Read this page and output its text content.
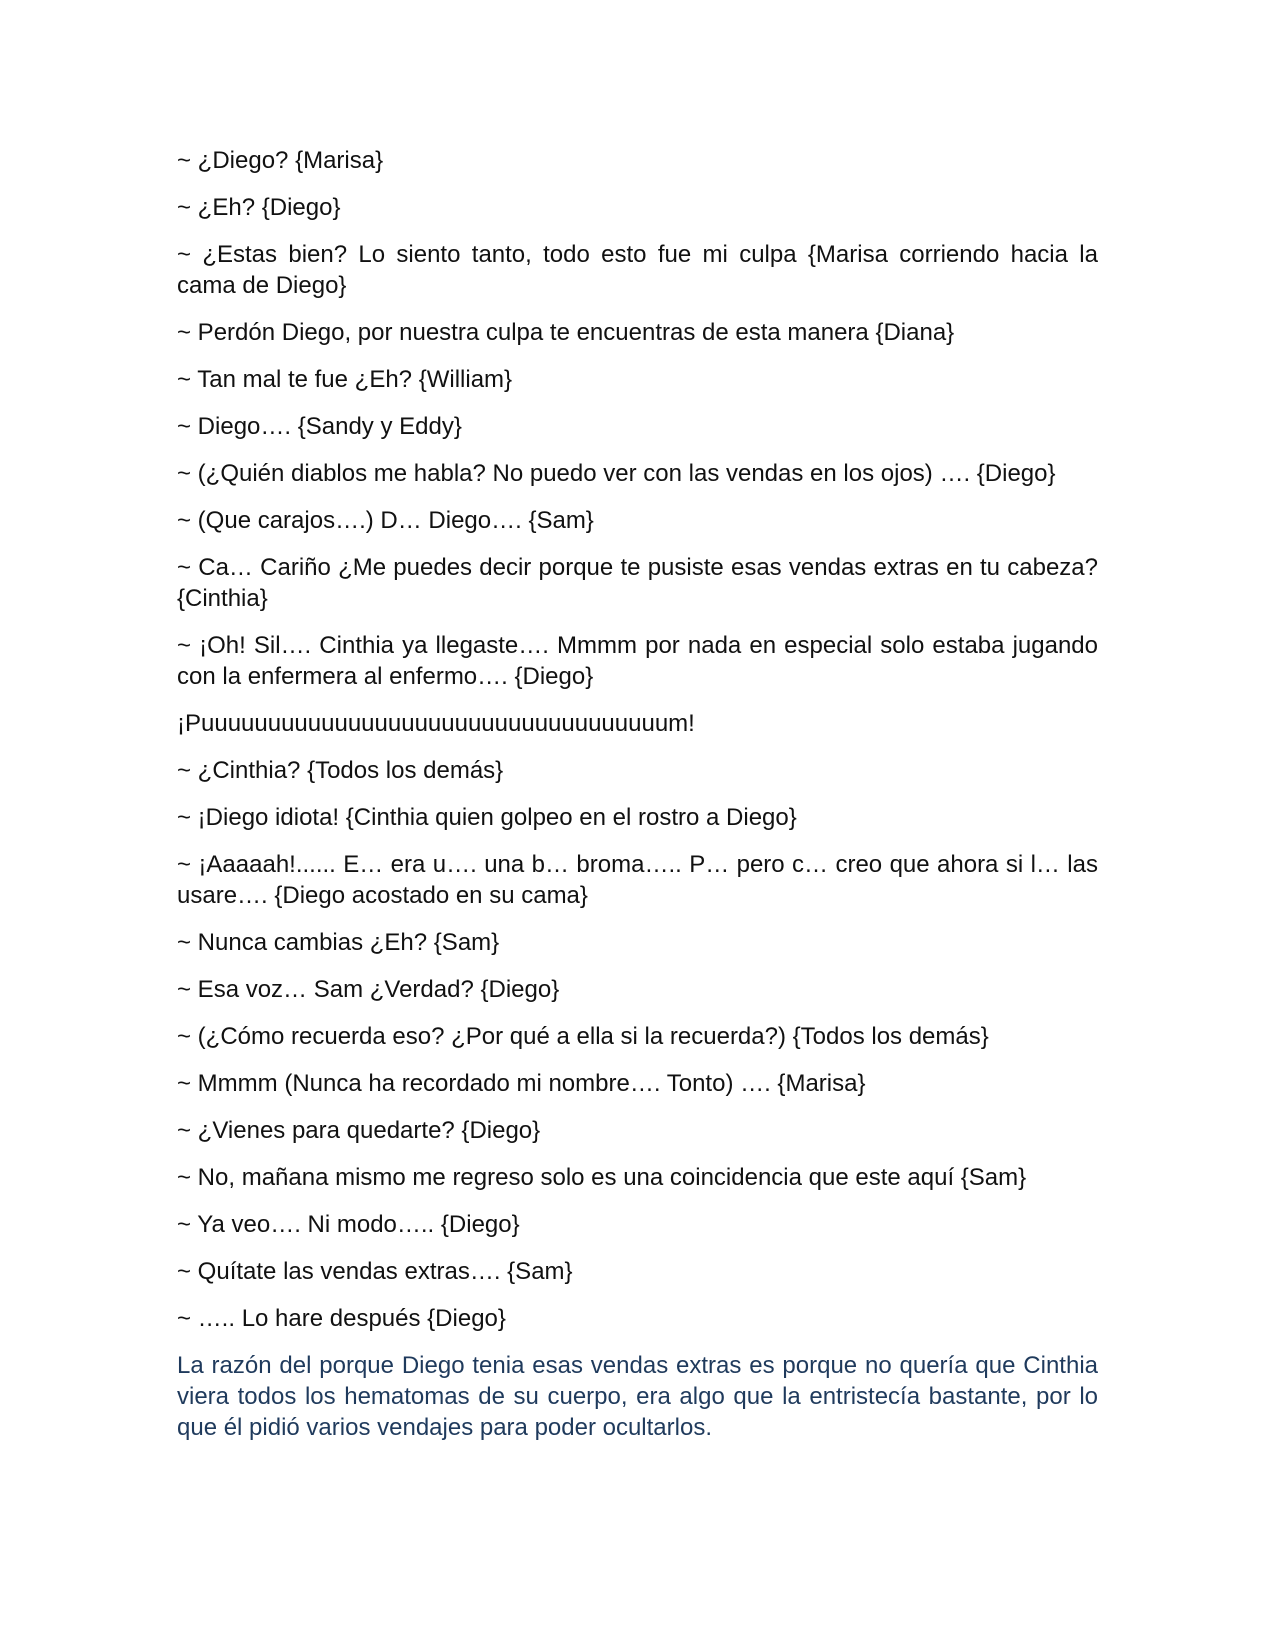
~ ¿Diego? {Marisa}

~ ¿Eh? {Diego}

~ ¿Estas bien? Lo siento tanto, todo esto fue mi culpa {Marisa corriendo hacia la cama de Diego}

~ Perdón Diego, por nuestra culpa te encuentras de esta manera {Diana}

~ Tan mal te fue ¿Eh? {William}

~ Diego…. {Sandy y Eddy}

~ (¿Quién diablos me habla? No puedo ver con las vendas en los ojos) …. {Diego}

~ (Que carajos….) D… Diego…. {Sam}

~ Ca… Cariño ¿Me puedes decir porque te pusiste esas vendas extras en tu cabeza? {Cinthia}

~ ¡Oh! Sil…. Cinthia ya llegaste…. Mmmm por nada en especial solo estaba jugando con la enfermera al enfermo…. {Diego}

¡Puuuuuuuuuuuuuuuuuuuuuuuuuuuuuuuuuuum!

~ ¿Cinthia? {Todos los demás}

~ ¡Diego idiota! {Cinthia quien golpeo en el rostro a Diego}

~ ¡Aaaaah!...... E… era u…. una b… broma….. P… pero c… creo que ahora si l… las usare…. {Diego acostado en su cama}

~ Nunca cambias ¿Eh? {Sam}

~ Esa voz… Sam ¿Verdad? {Diego}

~ (¿Cómo recuerda eso? ¿Por qué a ella si la recuerda?) {Todos los demás}

~ Mmmm (Nunca ha recordado mi nombre…. Tonto) …. {Marisa}

~ ¿Vienes para quedarte? {Diego}

~ No, mañana mismo me regreso solo es una coincidencia que este aquí {Sam}

~ Ya veo…. Ni modo….. {Diego}

~ Quítate las vendas extras…. {Sam}

~ ….. Lo hare después {Diego}

La razón del porque Diego tenia esas vendas extras es porque no quería que Cinthia viera todos los hematomas de su cuerpo, era algo que la entristecía bastante, por lo que él pidió varios vendajes para poder ocultarlos.
